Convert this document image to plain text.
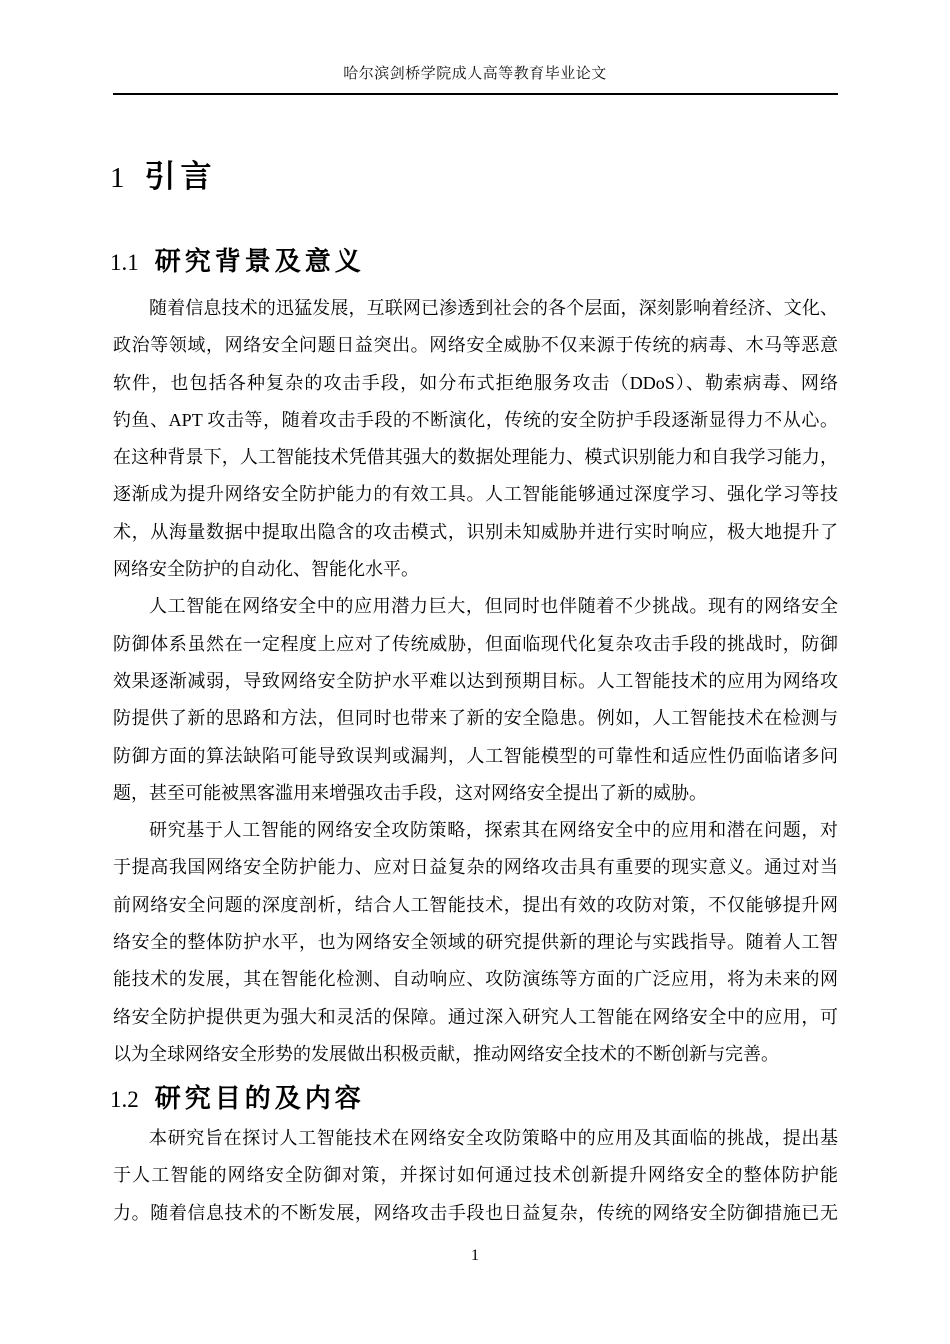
哈尔滨剑桥学院成人高等教育毕业论文
1 引言
1.1 研究背景及意义
随着信息技术的迅猛发展，互联网已渗透到社会的各个层面，深刻影响着经济、文化、
政治等领域，网络安全问题日益突出。网络安全威胁不仅来源于传统的病毒、木马等恶意
软件，也包括各种复杂的攻击手段，如分布式拒绝服务攻击（DDoS）、勒索病毒、网络
钓鱼、APT 攻击等，随着攻击手段的不断演化，传统的安全防护手段逐渐显得力不从心。
在这种背景下，人工智能技术凭借其强大的数据处理能力、模式识别能力和自我学习能力，
逐渐成为提升网络安全防护能力的有效工具。人工智能能够通过深度学习、强化学习等技
术，从海量数据中提取出隐含的攻击模式，识别未知威胁并进行实时响应，极大地提升了
网络安全防护的自动化、智能化水平。
人工智能在网络安全中的应用潜力巨大，但同时也伴随着不少挑战。现有的网络安全
防御体系虽然在一定程度上应对了传统威胁，但面临现代化复杂攻击手段的挑战时，防御
效果逐渐减弱，导致网络安全防护水平难以达到预期目标。人工智能技术的应用为网络攻
防提供了新的思路和方法，但同时也带来了新的安全隐患。例如，人工智能技术在检测与
防御方面的算法缺陷可能导致误判或漏判，人工智能模型的可靠性和适应性仍面临诸多问
题，甚至可能被黑客滥用来增强攻击手段，这对网络安全提出了新的威胁。
研究基于人工智能的网络安全攻防策略，探索其在网络安全中的应用和潜在问题，对
于提高我国网络安全防护能力、应对日益复杂的网络攻击具有重要的现实意义。通过对当
前网络安全问题的深度剖析，结合人工智能技术，提出有效的攻防对策，不仅能够提升网
络安全的整体防护水平，也为网络安全领域的研究提供新的理论与实践指导。随着人工智
能技术的发展，其在智能化检测、自动响应、攻防演练等方面的广泛应用，将为未来的网
络安全防护提供更为强大和灵活的保障。通过深入研究人工智能在网络安全中的应用，可
以为全球网络安全形势的发展做出积极贡献，推动网络安全技术的不断创新与完善。
1.2 研究目的及内容
本研究旨在探讨人工智能技术在网络安全攻防策略中的应用及其面临的挑战，提出基
于人工智能的网络安全防御对策，并探讨如何通过技术创新提升网络安全的整体防护能
力。随着信息技术的不断发展，网络攻击手段也日益复杂，传统的网络安全防御措施已无
1
